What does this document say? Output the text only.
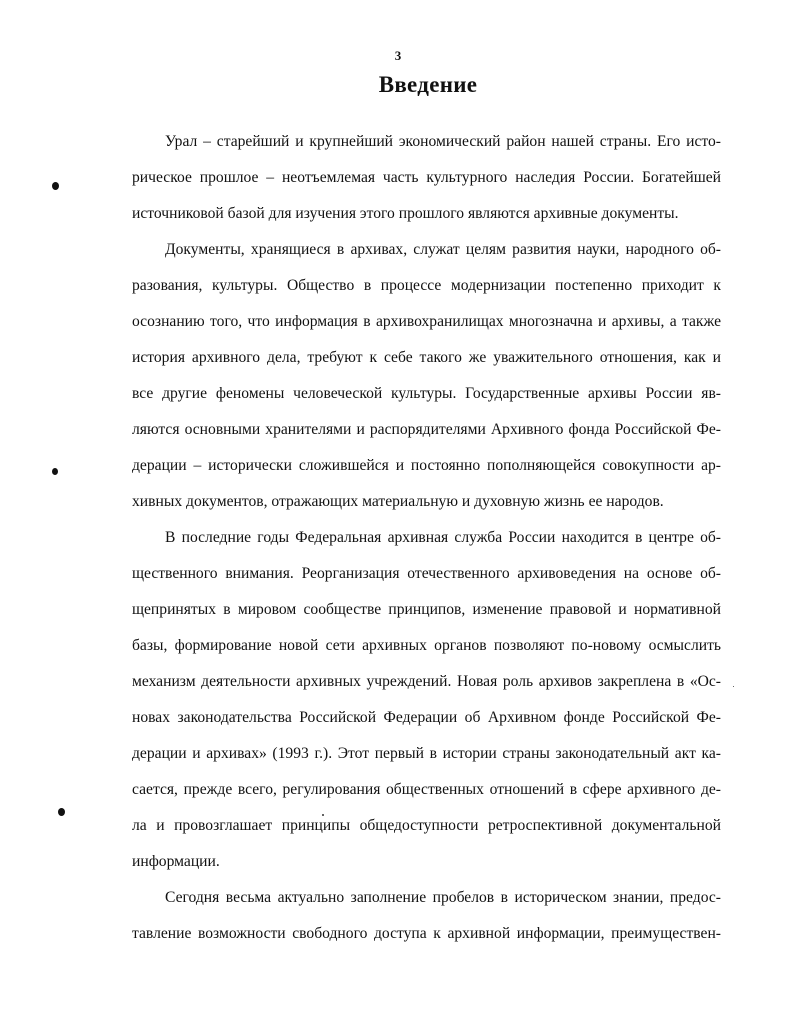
3
Введение
Урал – старейший и крупнейший экономический район нашей страны. Его исто-
рическое прошлое – неотъемлемая часть культурного наследия России. Богатейшей
источниковой базой для изучения этого прошлого являются архивные документы.
Документы, хранящиеся в архивах, служат целям развития науки, народного об-
разования, культуры. Общество в процессе модернизации постепенно приходит к
осознанию того, что информация в архивохранилищах многозначна и архивы, а также
история архивного дела, требуют к себе такого же уважительного отношения, как и
все другие феномены человеческой культуры. Государственные архивы России яв-
ляются основными хранителями и распорядителями Архивного фонда Российской Фе-
дерации – исторически сложившейся и постоянно пополняющейся совокупности ар-
хивных документов, отражающих материальную и духовную жизнь ее народов.
В последние годы Федеральная архивная служба России находится в центре об-
щественного внимания. Реорганизация отечественного архивоведения на основе об-
щепринятых в мировом сообществе принципов, изменение правовой и нормативной
базы, формирование новой сети архивных органов позволяют по-новому осмыслить
механизм деятельности архивных учреждений. Новая роль архивов закреплена в «Ос-
новах законодательства Российской Федерации об Архивном фонде Российской Фе-
дерации и архивах» (1993 г.). Этот первый в истории страны законодательный акт ка-
сается, прежде всего, регулирования общественных отношений в сфере архивного де-
ла и провозглашает принципы общедоступности ретроспективной документальной
информации.
Сегодня весьма актуально заполнение пробелов в историческом знании, предос-
тавление возможности свободного доступа к архивной информации, преимуществен-
